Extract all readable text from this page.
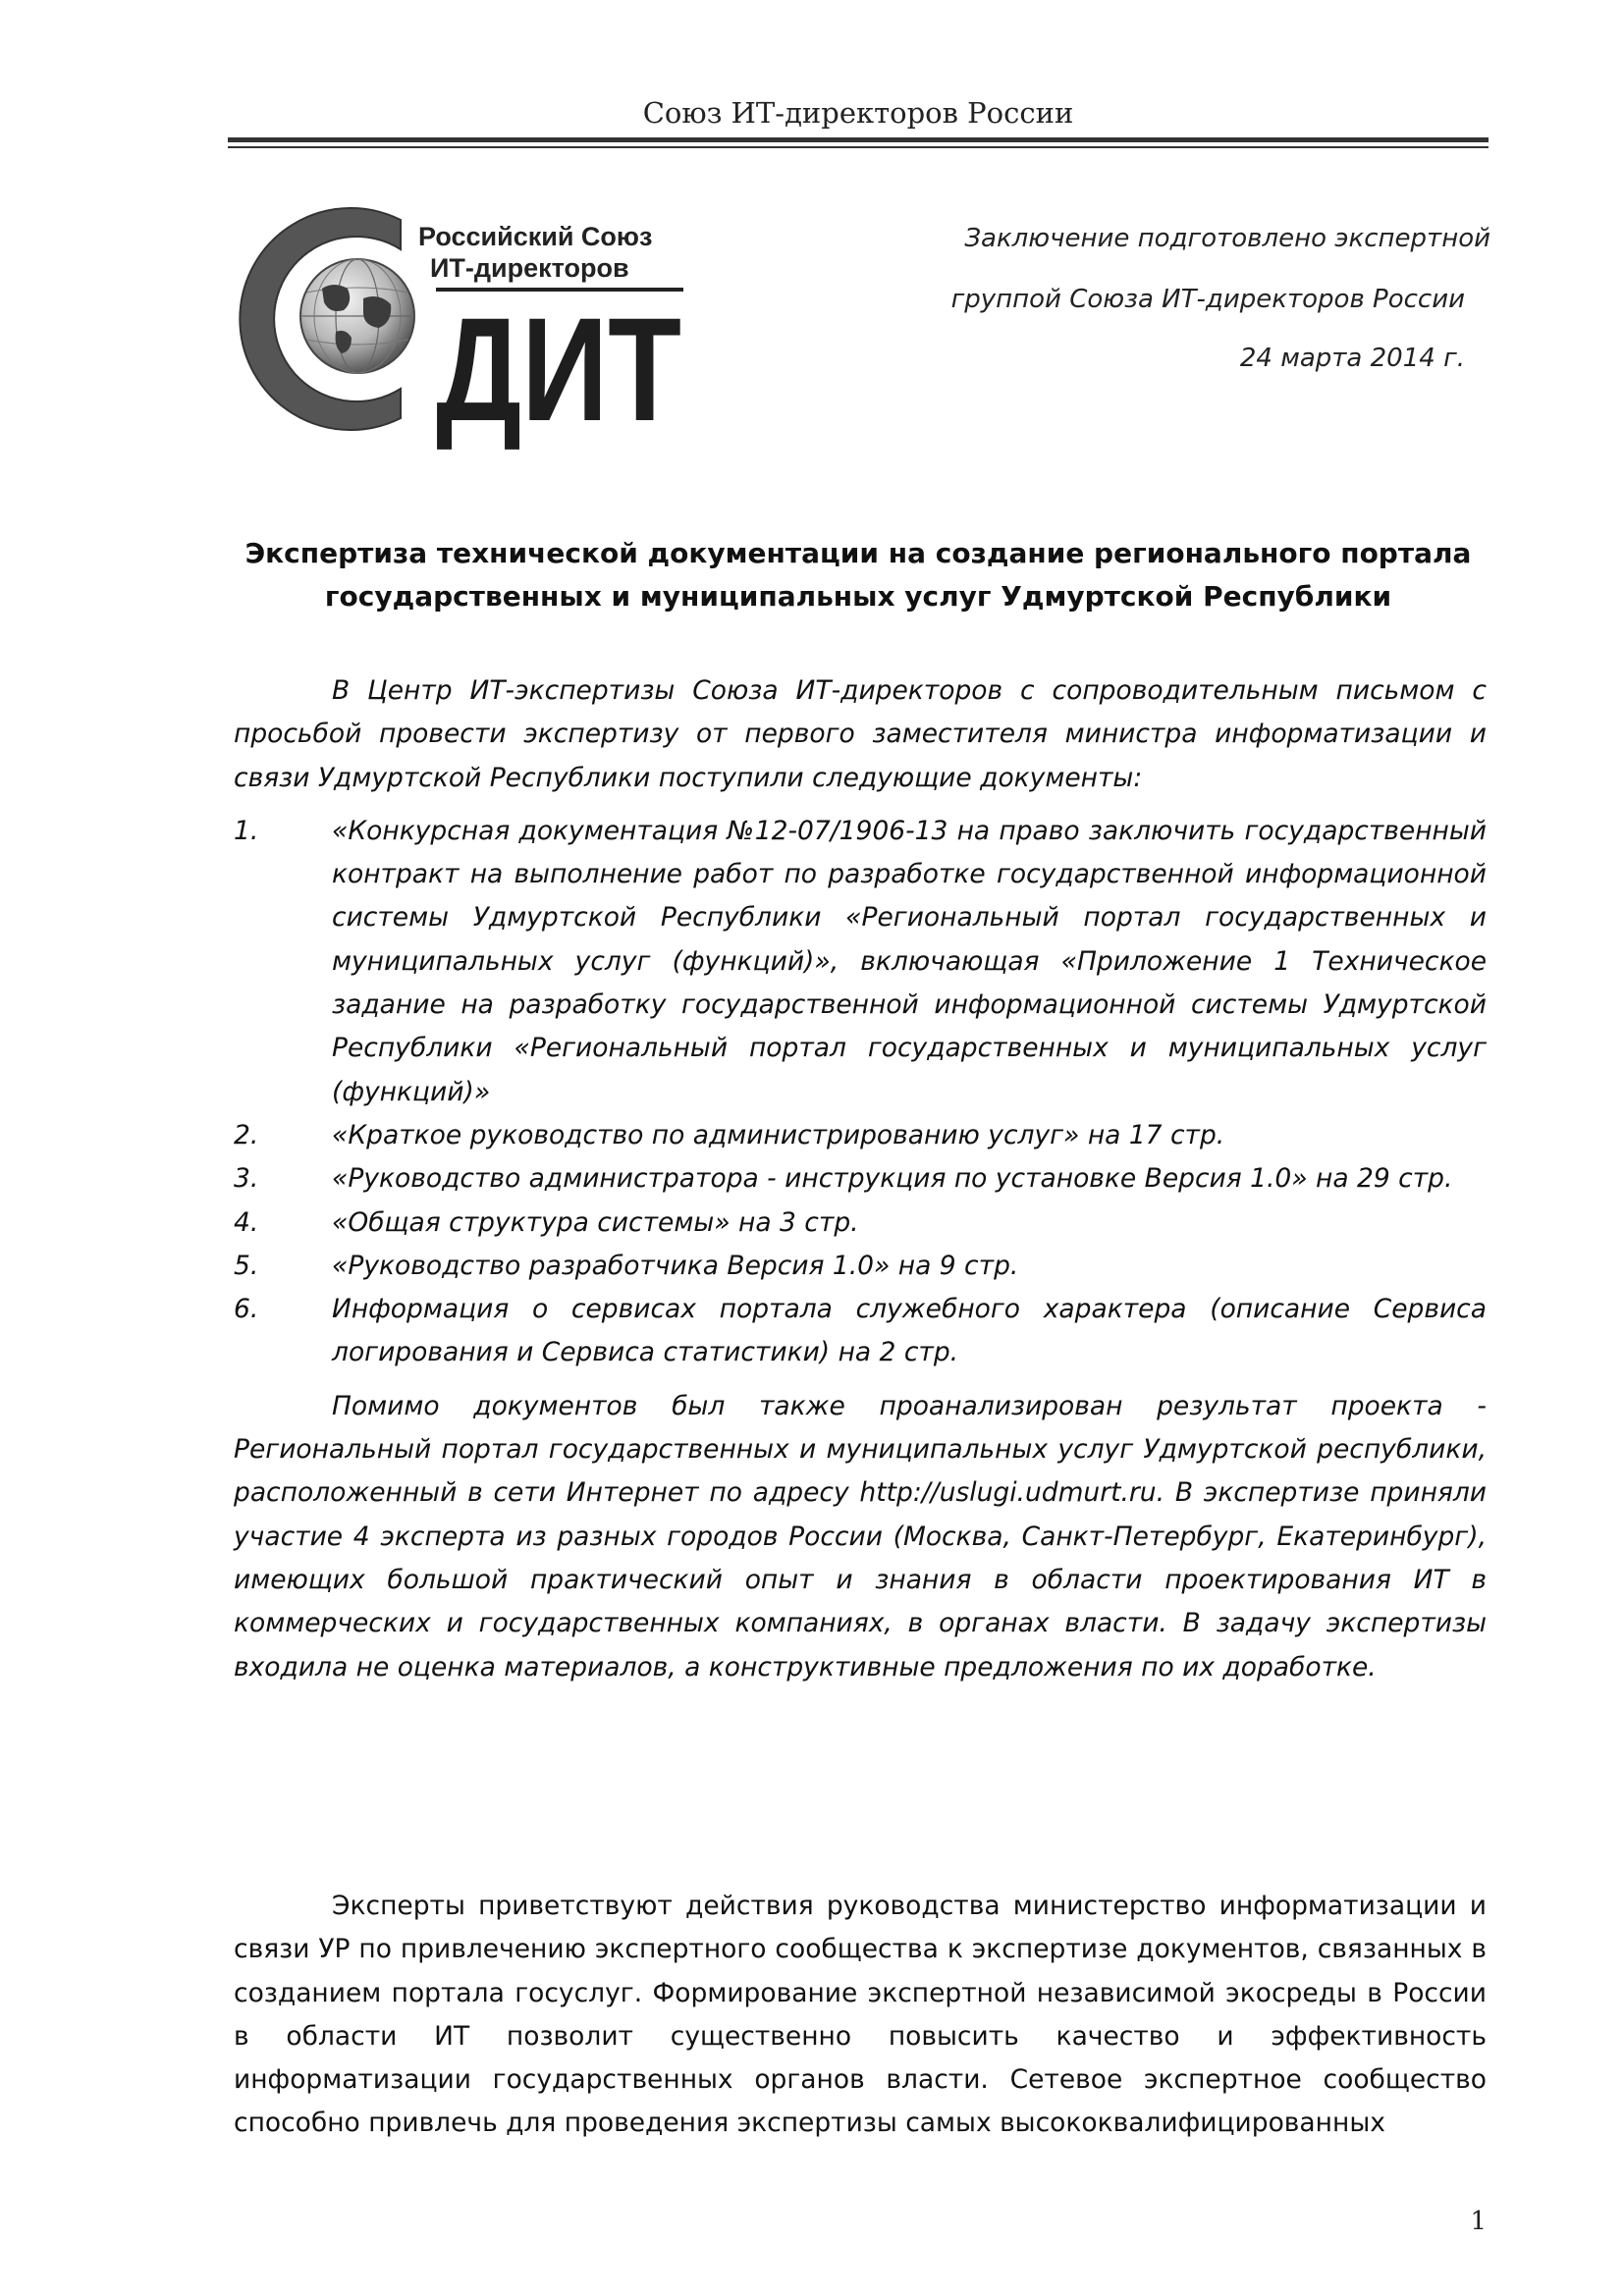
Союз ИТ-директоров России
Российский Союз
ИТ-директоров
ДИТ
Заключение подготовлено экспертной
группой Союза ИТ-директоров России
24 марта 2014 г.
Экспертиза технической документации на создание регионального портала
государственных и муниципальных услуг Удмуртской Республики

В Центр ИТ-экспертизы Союза ИТ-директоров с сопроводительным письмом с просьбой провести экспертизу от первого заместителя министра информатизации и связи Удмуртской Республики поступили следующие документы:

1.	«Конкурсная документация №12-07/1906-13 на право заключить государственный контракт на выполнение работ по разработке государственной информационной системы Удмуртской Республики «Региональный портал государственных и муниципальных услуг (функций)», включающая «Приложение 1 Техническое задание на разработку государственной информационной системы Удмуртской Республики «Региональный портал государственных и муниципальных услуг (функций)»
2.	«Краткое руководство по администрированию услуг» на 17 стр.
3.	«Руководство администратора - инструкция по установке Версия 1.0» на 29 стр.
4.	«Общая структура системы» на 3 стр.
5.	«Руководство разработчика Версия 1.0» на 9 стр.
6.	Информация о сервисах портала служебного характера (описание Сервиса логирования и Сервиса статистики) на 2 стр.

Помимо документов был также проанализирован результат проекта - Региональный портал государственных и муниципальных услуг Удмуртской республики, расположенный в сети Интернет по адресу http://uslugi.udmurt.ru. В экспертизе приняли участие 4 эксперта из разных городов России (Москва, Санкт-Петербург, Екатеринбург), имеющих большой практический опыт и знания в области проектирования ИТ в коммерческих и государственных компаниях, в органах власти. В задачу экспертизы входила не оценка материалов, а конструктивные предложения по их доработке.

Эксперты приветствуют действия руководства министерство информатизации и связи УР по привлечению экспертного сообщества к экспертизе документов, связанных в созданием портала госуслуг. Формирование экспертной независимой экосреды в России в области ИТ позволит существенно повысить качество и эффективность информатизации государственных органов власти. Сетевое экспертное сообщество способно привлечь для проведения экспертизы самых высококвалифицированных

1
